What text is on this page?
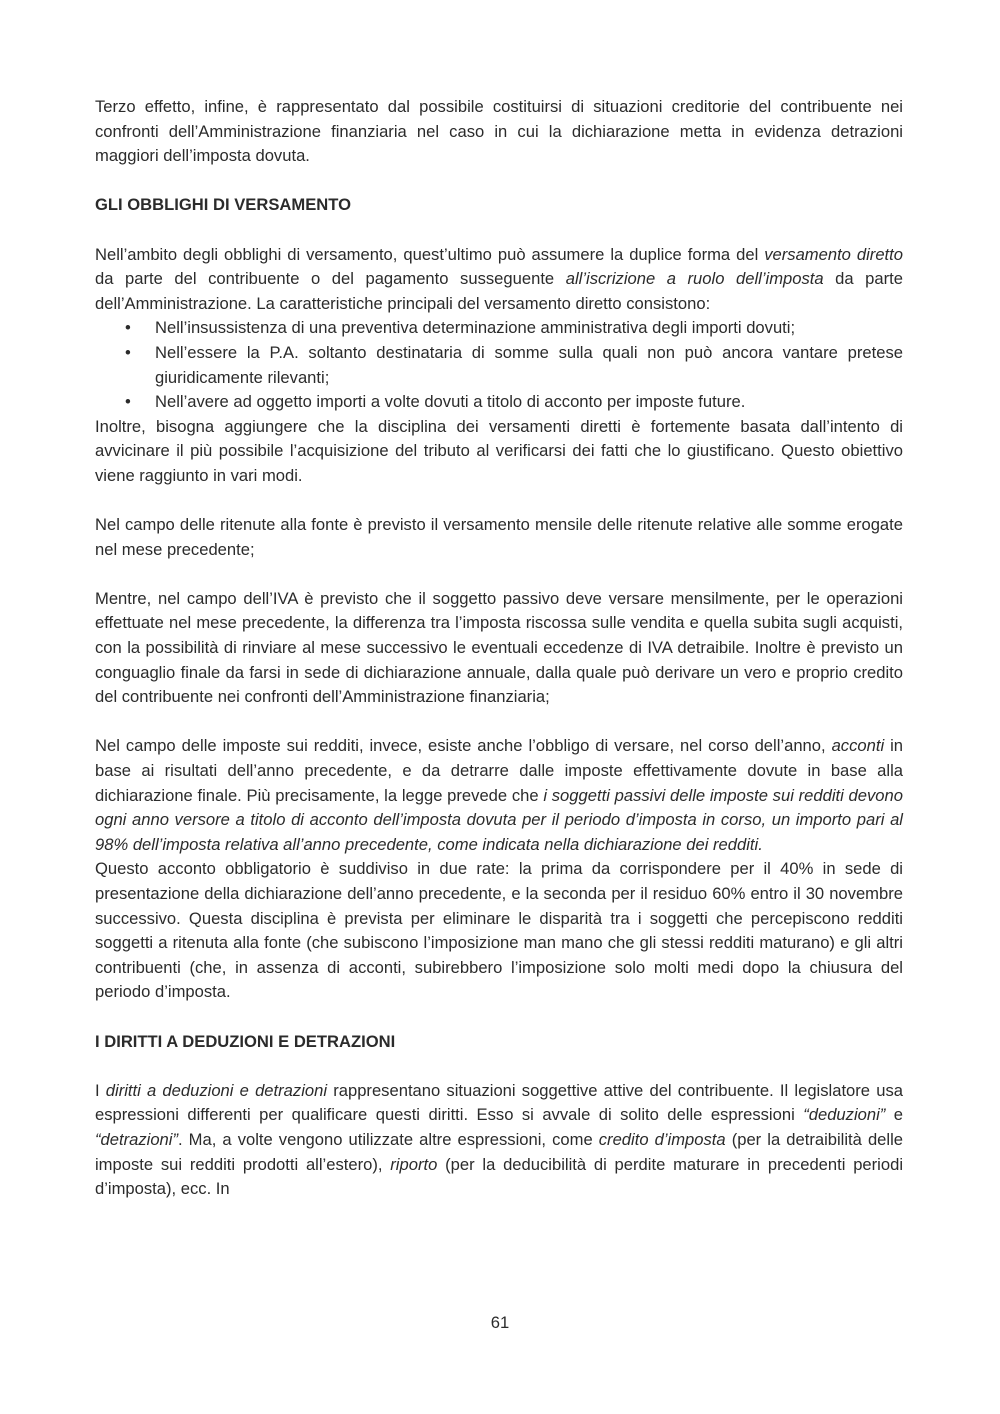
Terzo effetto, infine, è rappresentato dal possibile costituirsi di situazioni creditorie del contribuente nei confronti dell’Amministrazione finanziaria nel caso in cui la dichiarazione metta in evidenza detrazioni maggiori dell’imposta dovuta.

GLI OBBLIGHI DI VERSAMENTO

Nell’ambito degli obblighi di versamento, quest’ultimo può assumere la duplice forma del versamento diretto da parte del contribuente o del pagamento susseguente all’iscrizione a ruolo dell’imposta da parte dell’Amministrazione. La caratteristiche principali del versamento diretto consistono:

• Nell’insussistenza di una preventiva determinazione amministrativa degli importi dovuti;
• Nell’essere la P.A. soltanto destinataria di somme sulla quali non può ancora vantare pretese giuridicamente rilevanti;
• Nell’avere ad oggetto importi a volte dovuti a titolo di acconto per imposte future.

Inoltre, bisogna aggiungere che la disciplina dei versamenti diretti è fortemente basata dall’intento di avvicinare il più possibile l’acquisizione del tributo al verificarsi dei fatti che lo giustificano. Questo obiettivo viene raggiunto in vari modi.

Nel campo delle ritenute alla fonte è previsto il versamento mensile delle ritenute relative alle somme erogate nel mese precedente;

Mentre, nel campo dell’IVA è previsto che il soggetto passivo deve versare mensilmente, per le operazioni effettuate nel mese precedente, la differenza tra l’imposta riscossa sulle vendita e quella subita sugli acquisti, con la possibilità di rinviare al mese successivo le eventuali eccedenze di IVA detraibile. Inoltre è previsto un conguaglio finale da farsi in sede di dichiarazione annuale, dalla quale può derivare un vero e proprio credito del contribuente nei confronti dell’Amministrazione finanziaria;

Nel campo delle imposte sui redditi, invece, esiste anche l’obbligo di versare, nel corso dell’anno, acconti in base ai risultati dell’anno precedente, e da detrarre dalle imposte effettivamente dovute in base alla dichiarazione finale. Più precisamente, la legge prevede che i soggetti passivi delle imposte sui redditi devono ogni anno versore a titolo di acconto dell’imposta dovuta per il periodo d’imposta in corso, un importo pari al 98% dell’imposta relativa all’anno precedente, come indicata nella dichiarazione dei redditi.

Questo acconto obbligatorio è suddiviso in due rate: la prima da corrispondere per il 40% in sede di presentazione della dichiarazione dell’anno precedente, e la seconda per il residuo 60% entro il 30 novembre successivo. Questa disciplina è prevista per eliminare le disparità tra i soggetti che percepiscono redditi soggetti a ritenuta alla fonte (che subiscono l’imposizione man mano che gli stessi redditi maturano) e gli altri contribuenti (che, in assenza di acconti, subirebbero l’imposizione solo molti medi dopo la chiusura del periodo d’imposta.

I DIRITTI A DEDUZIONI E DETRAZIONI

I diritti a deduzioni e detrazioni rappresentano situazioni soggettive attive del contribuente. Il legislatore usa espressioni differenti per qualificare questi diritti. Esso si avvale di solito delle espressioni “deduzioni” e “detrazioni”. Ma, a volte vengono utilizzate altre espressioni, come credito d’imposta (per la detraibilità delle imposte sui redditi prodotti all’estero), riporto (per la deducibilità di perdite maturare in precedenti periodi d’imposta), ecc. In

61
